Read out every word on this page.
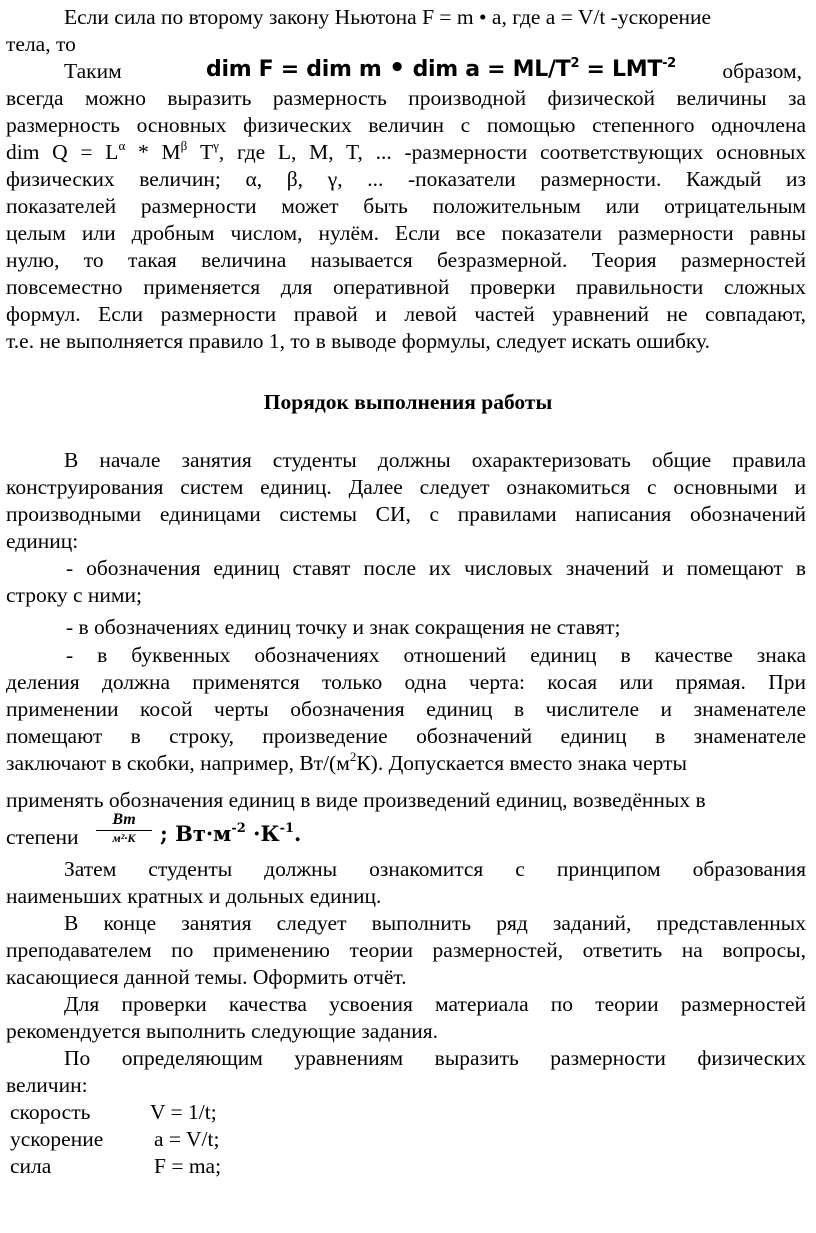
Если сила по второму закону Ньютона F = m • a, где a = V/t -ускорение
тела, то
Таким	образом,
dim F = dim m • dim $a = ML/T^2 = LMT^{-2}$
всегда можно выразить размерность производной физической величины за
размерность основных физических величин с помощью степенного одночлена
dim $Q = L^\alpha * M^\beta$ $T^\gamma$, где L, M, T, ... -размерности соответствующих основных
физических величин; α, β, γ, ... -показатели размерности. Каждый из
показателей размерности может быть положительным или отрицательным
целым или дробным числом, нулём. Если все показатели размерности равны
нулю, то такая величина называется безразмерной. Теория размерностей
повсеместно применяется для оперативной проверки правильности сложных
формул. Если размерности правой и левой частей уравнений не совпадают,
т.е. не выполняется правило 1, то в выводе формулы, следует искать ошибку.
Порядок выполнения работы
В начале занятия студенты должны охарактеризовать общие правила
конструирования систем единиц. Далее следует ознакомиться с основными и
производными единицами системы СИ, с правилами написания обозначений
единиц:
- обозначения единиц ставят после их числовых значений и помещают в
строку с ними;
- в обозначениях единиц точку и знак сокращения не ставят;
- в буквенных обозначениях отношений единиц в качестве знака
деления должна применятся только одна черта: косая или прямая. При
применении косой черты обозначения единиц в числителе и знаменателе
помещают в строку, произведение обозначений единиц в знаменателе
заключают в скобки, например, $Вт/(м^2К)$. Допускается вместо знака черты
применять обозначения единиц в виде произведений единиц, возведённых в
степени
Вт
м²·К	; $Вт\cdot м^{-2} \cdot К^{-1}$.
Затем студенты должны ознакомится с принципом образования
наименьших кратных и дольных единиц.
В конце занятия следует выполнить ряд заданий, представленных
преподавателем по применению теории размерностей, ответить на вопросы,
касающиеся данной темы. Оформить отчёт.
Для проверки качества усвоения материала по теории размерностей
рекомендуется выполнить следующие задания.
По определяющим уравнениям выразить размерности физических
величин:
скорость	V = 1/t;
ускорение a = V/t;
сила	F = ma;
